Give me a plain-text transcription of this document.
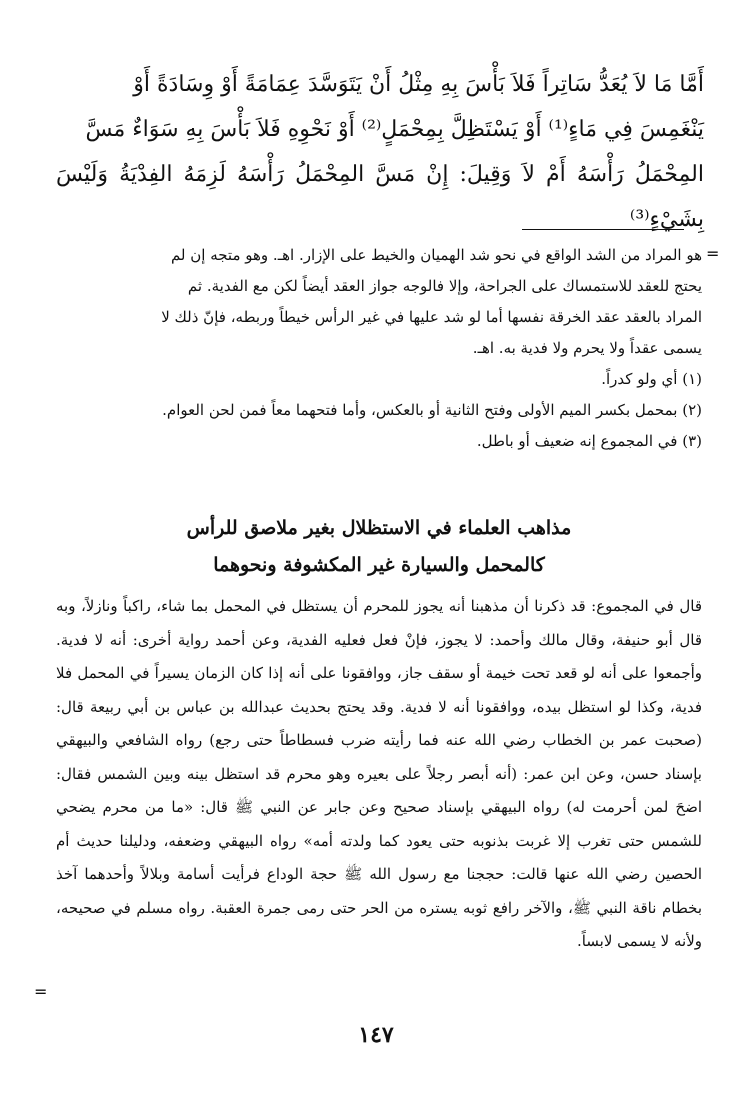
أَمَّا مَا لاَ يُعَدُّ سَاتِراً فَلاَ بَأْسَ بِهِ مِثْلُ أَنْ يَتَوَسَّدَ عِمَامَةً أَوْ وِسَادَةً أَوْ

يَنْغَمِسَ فِي مَاءٍ⁽¹⁾ أَوْ يَسْتَظِلَّ بِمِحْمَلٍ⁽²⁾ أَوْ نَحْوِهِ فَلاَ بَأْسَ بِهِ سَوَاءٌ مَسَّ

المِحْمَلُ رَأْسَهُ أَمْ لاَ وَقِيلَ: إِنْ مَسَّ المِحْمَلُ رَأْسَهُ لَزِمَهُ الفِدْيَةُ وَلَيْسَ بِشَيْءٍ⁽³⁾

=

هو المراد من الشد الواقع في نحو شد الهميان والخيط على الإزار. اهـ. وهو متجه إن لم

يحتج للعقد للاستمساك على الجراحة، وإلا فالوجه جواز العقد أيضاً لكن مع الفدية. ثم

المراد بالعقد عقد الخرقة نفسها أما لو شد عليها في غير الرأس خيطاً وربطه، فإنّ ذلك لا

يسمى عقداً ولا يحرم ولا فدية به. اهـ.

(١) أي ولو كدراً.

(٢) بمحمل بكسر الميم الأولى وفتح الثانية أو بالعكس، وأما فتحهما معاً فمن لحن العوام.

(٣) في المجموع إنه ضعيف أو باطل.

مذاهب العلماء في الاستظلال بغير ملاصق للرأس

كالمحمل والسيارة غير المكشوفة ونحوهما

قال في المجموع: قد ذكرنا أن مذهبنا أنه يجوز للمحرم أن يستظل في المحمل بما شاء، راكباً ونازلاً، وبه قال أبو حنيفة، وقال مالك وأحمد: لا يجوز، فإنْ فعل فعليه الفدية، وعن أحمد رواية أخرى: أنه لا فدية. وأجمعوا على أنه لو قعد تحت خيمة أو سقف جاز، ووافقونا على أنه إذا كان الزمان يسيراً في المحمل فلا فدية، وكذا لو استظل بيده، ووافقونا أنه لا فدية. وقد يحتج بحديث عبدالله بن عباس بن أبي ربيعة قال: (صحبت عمر بن الخطاب رضي الله عنه فما رأيته ضرب فسطاطاً حتى رجع) رواه الشافعي والبيهقي بإسناد حسن، وعن ابن عمر: (أنه أبصر رجلاً على بعيره وهو محرم قد استظل بينه وبين الشمس فقال: اضحَ لمن أحرمت له) رواه البيهقي بإسناد صحيح وعن جابر عن النبي ﷺ قال: «ما من محرم يضحي للشمس حتى تغرب إلا غربت بذنوبه حتى يعود كما ولدته أمه» رواه البيهقي وضعفه، ودليلنا حديث أم الحصين رضي الله عنها قالت: حججنا مع رسول الله ﷺ حجة الوداع فرأيت أسامة وبلالاً وأحدهما آخذ بخطام ناقة النبي ﷺ، والآخر رافع ثوبه يستره من الحر حتى رمى جمرة العقبة. رواه مسلم في صحيحه، ولأنه لا يسمى لابساً.

=
١٤٧
